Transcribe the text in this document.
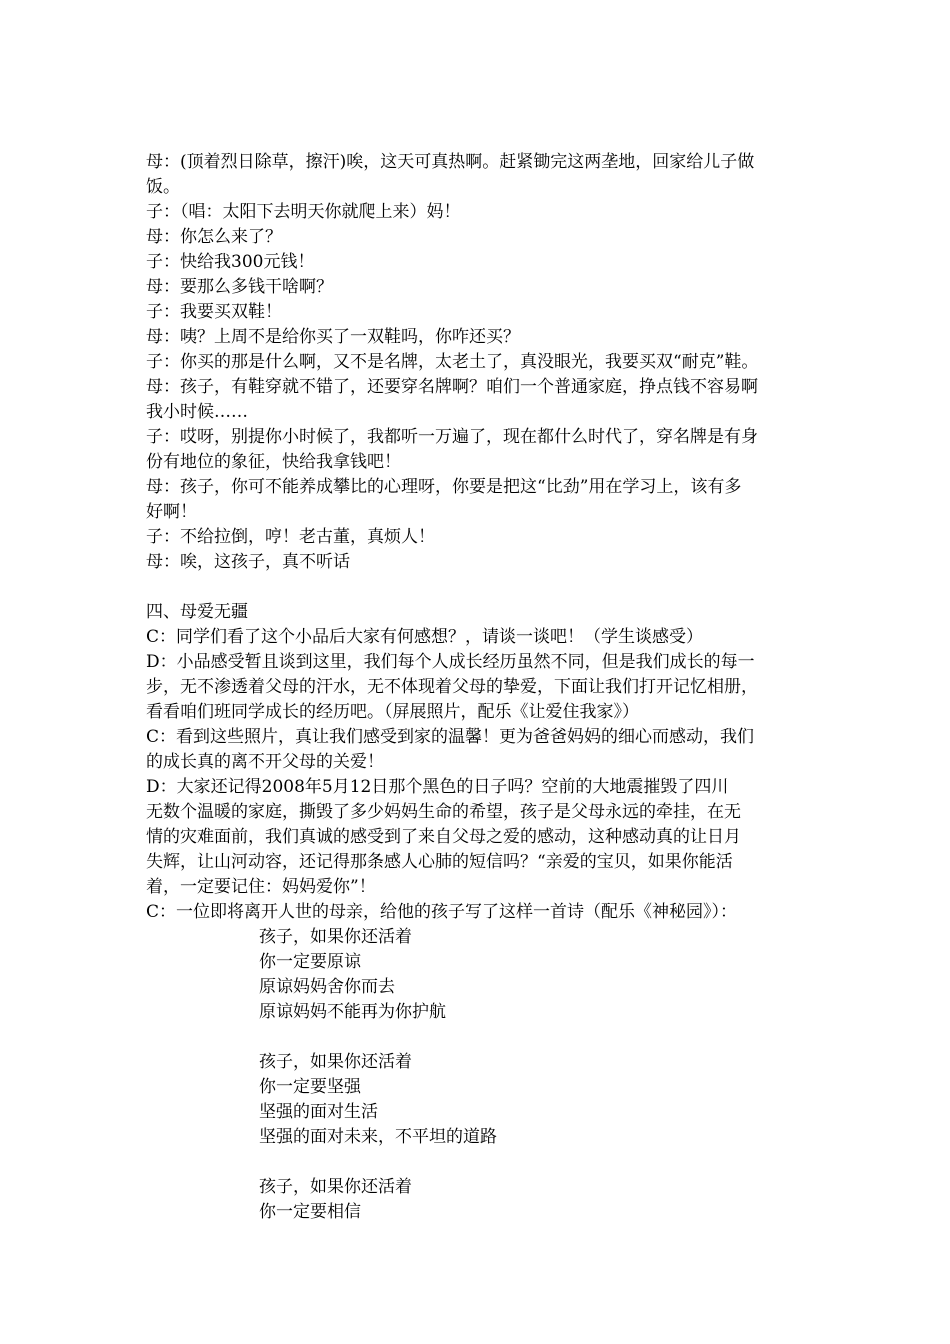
母：(顶着烈日除草，擦汗)唉，这天可真热啊。赶紧锄完这两垄地，回家给儿子做
饭。
子：（唱：太阳下去明天你就爬上来）妈！
母：你怎么来了？
子：快给我300元钱！
母：要那么多钱干啥啊？
子：我要买双鞋！
母：咦？上周不是给你买了一双鞋吗，你咋还买？
子：你买的那是什么啊，又不是名牌，太老土了，真没眼光，我要买双“耐克”鞋。
母：孩子，有鞋穿就不错了，还要穿名牌啊？咱们一个普通家庭，挣点钱不容易啊
我小时候……
子：哎呀，别提你小时候了，我都听一万遍了，现在都什么时代了，穿名牌是有身
份有地位的象征，快给我拿钱吧！
母：孩子，你可不能养成攀比的心理呀，你要是把这“比劲”用在学习上，该有多
好啊！
子：不给拉倒，哼！老古董，真烦人！
母：唉，这孩子，真不听话
四、母爱无疆
C：同学们看了这个小品后大家有何感想？，请谈一谈吧！（学生谈感受）
D：小品感受暂且谈到这里，我们每个人成长经历虽然不同，但是我们成长的每一
步，无不渗透着父母的汗水，无不体现着父母的挚爱，下面让我们打开记忆相册，
看看咱们班同学成长的经历吧。（屏展照片，配乐《让爱住我家》）
C：看到这些照片，真让我们感受到家的温馨！更为爸爸妈妈的细心而感动，我们
的成长真的离不开父母的关爱！
D：大家还记得2008年5月12日那个黑色的日子吗？空前的大地震摧毁了四川
无数个温暖的家庭，撕毁了多少妈妈生命的希望，孩子是父母永远的牵挂，在无
情的灾难面前，我们真诚的感受到了来自父母之爱的感动，这种感动真的让日月
失辉，让山河动容，还记得那条感人心肺的短信吗？“亲爱的宝贝，如果你能活
着，一定要记住：妈妈爱你”！
C：一位即将离开人世的母亲，给他的孩子写了这样一首诗（配乐《神秘园》）：
孩子，如果你还活着
你一定要原谅
原谅妈妈舍你而去
原谅妈妈不能再为你护航
孩子，如果你还活着
你一定要坚强
坚强的面对生活
坚强的面对未来，不平坦的道路
孩子，如果你还活着
你一定要相信
